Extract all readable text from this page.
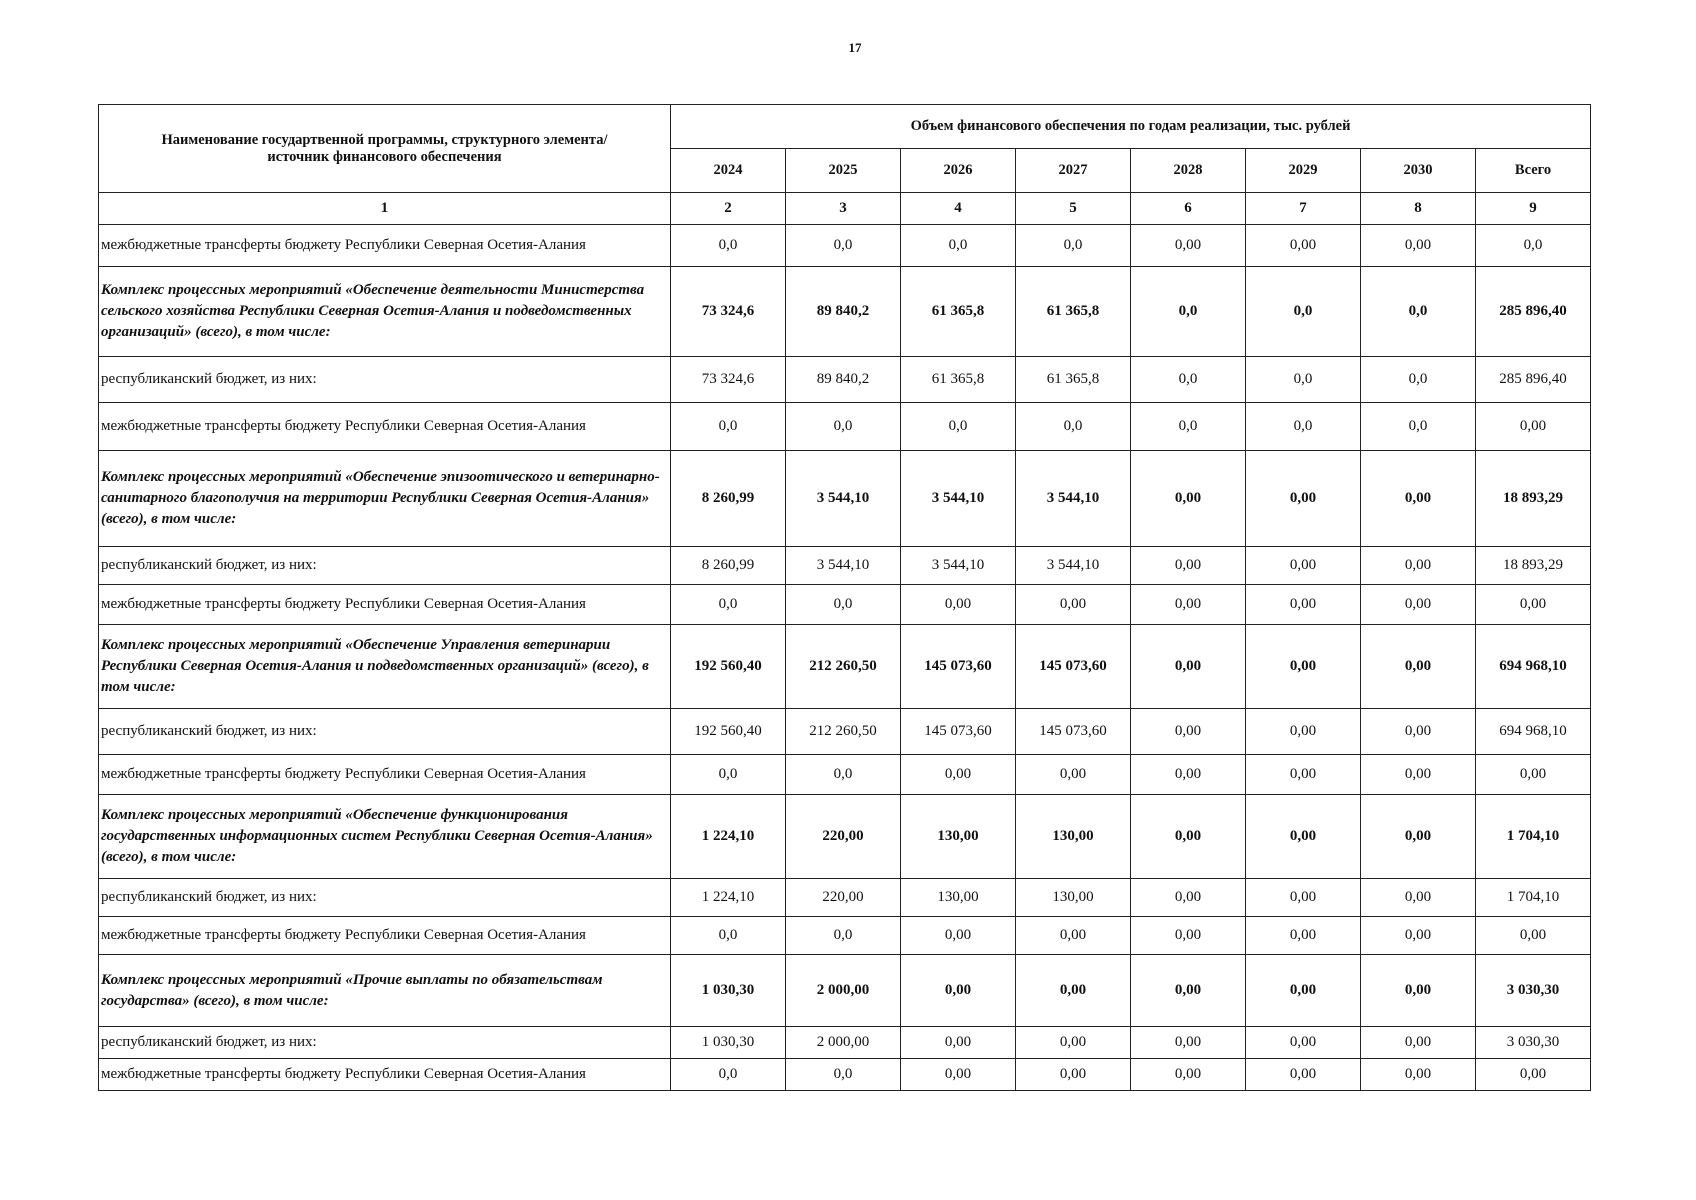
17
Наименование государтвенной программы, структурного элемента/источник финансового обеспечения	Объем финансового обеспечения по годам реализации, тыс. рублей							
	2024	2025	2026	2027	2028	2029	2030	Всего
1	2	3	4	5	6	7	8	9
межбюджетные трансферты бюджету Республики Северная Осетия-Алания	0,0	0,0	0,0	0,0	0,00	0,00	0,00	0,0
Комплекс процессных мероприятий «Обеспечение деятельности Министерства сельского хозяйства Республики Северная Осетия-Алания и подведомственных организаций» (всего), в том числе:	73 324,6	89 840,2	61 365,8	61 365,8	0,0	0,0	0,0	285 896,40
республиканский бюджет, из них:	73 324,6	89 840,2	61 365,8	61 365,8	0,0	0,0	0,0	285 896,40
межбюджетные трансферты бюджету Республики Северная Осетия-Алания	0,0	0,0	0,0	0,0	0,0	0,0	0,0	0,00
Комплекс процессных мероприятий «Обеспечение эпизоотического и ветеринарно-санитарного благополучия на территории Республики Северная Осетия-Алания» (всего), в том числе:	8 260,99	3 544,10	3 544,10	3 544,10	0,00	0,00	0,00	18 893,29
республиканский бюджет, из них:	8 260,99	3 544,10	3 544,10	3 544,10	0,00	0,00	0,00	18 893,29
межбюджетные трансферты бюджету Республики Северная Осетия-Алания	0,0	0,0	0,00	0,00	0,00	0,00	0,00	0,00
Комплекс процессных мероприятий «Обеспечение Управления ветеринарии Республики Северная Осетия-Алания и подведомственных организаций» (всего), в том числе:	192 560,40	212 260,50	145 073,60	145 073,60	0,00	0,00	0,00	694 968,10
республиканский бюджет, из них:	192 560,40	212 260,50	145 073,60	145 073,60	0,00	0,00	0,00	694 968,10
межбюджетные трансферты бюджету Республики Северная Осетия-Алания	0,0	0,0	0,00	0,00	0,00	0,00	0,00	0,00
Комплекс процессных мероприятий «Обеспечение функционирования государственных информационных систем Республики Северная Осетия-Алания» (всего), в том числе:	1 224,10	220,00	130,00	130,00	0,00	0,00	0,00	1 704,10
республиканский бюджет, из них:	1 224,10	220,00	130,00	130,00	0,00	0,00	0,00	1 704,10
межбюджетные трансферты бюджету Республики Северная Осетия-Алания	0,0	0,0	0,00	0,00	0,00	0,00	0,00	0,00
Комплекс процессных мероприятий «Прочие выплаты по обязательствам государства» (всего), в том числе:	1 030,30	2 000,00	0,00	0,00	0,00	0,00	0,00	3 030,30
республиканский бюджет, из них:	1 030,30	2 000,00	0,00	0,00	0,00	0,00	0,00	3 030,30
межбюджетные трансферты бюджету Республики Северная Осетия-Алания	0,0	0,0	0,00	0,00	0,00	0,00	0,00	0,00
